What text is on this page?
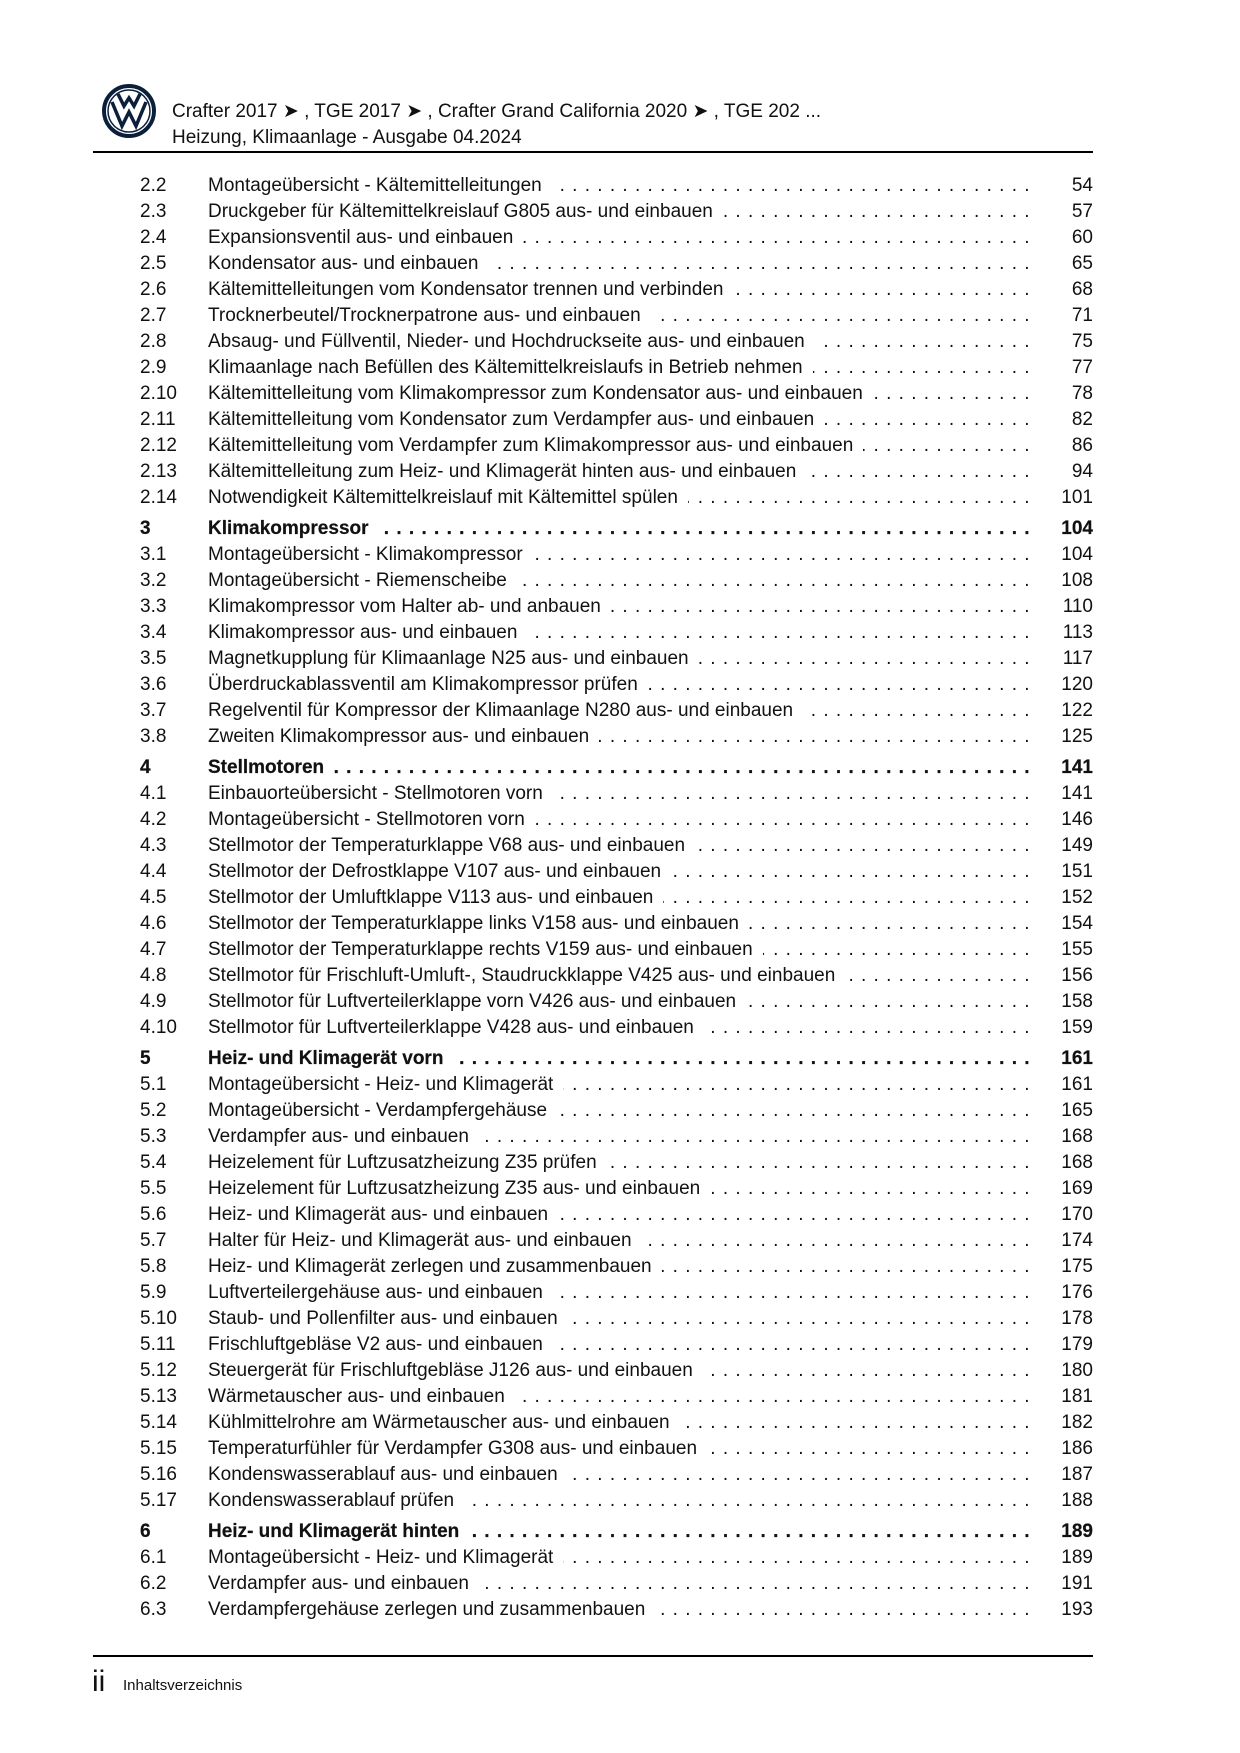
Crafter 2017 ➤ , TGE 2017 ➤ , Crafter Grand California 2020 ➤ , TGE 202 ...
Heizung, Klimaanlage - Ausgabe 04.2024
2.2 Montageübersicht - Kältemittelleitungen . . .	54
2.3 Druckgeber für Kältemittelkreislauf G805 aus- und einbauen . . .	57
2.4 Expansionsventil aus- und einbauen . . .	60
2.5 Kondensator aus- und einbauen . . .	65
2.6 Kältemittelleitungen vom Kondensator trennen und verbinden . . .	68
2.7 Trocknerbeutel/Trocknerpatrone aus- und einbauen . . .	71
2.8 Absaug- und Füllventil, Nieder- und Hochdruckseite aus- und einbauen . . .	75
2.9 Klimaanlage nach Befüllen des Kältemittelkreislaufs in Betrieb nehmen . . .	77
2.10 Kältemittelleitung vom Klimakompressor zum Kondensator aus- und einbauen . . .	78
2.11 Kältemittelleitung vom Kondensator zum Verdampfer aus- und einbauen . . .	82
2.12 Kältemittelleitung vom Verdampfer zum Klimakompressor aus- und einbauen . . .	86
2.13 Kältemittelleitung zum Heiz- und Klimagerät hinten aus- und einbauen . . .	94
2.14 Notwendigkeit Kältemittelkreislauf mit Kältemittel spülen . . .	101
3	Klimakompressor . . .	104
3.1 Montageübersicht - Klimakompressor . . .	104
3.2 Montageübersicht - Riemenscheibe . . .	108
3.3 Klimakompressor vom Halter ab- und anbauen . . .	110
3.4 Klimakompressor aus- und einbauen . . .	113
3.5 Magnetkupplung für Klimaanlage N25 aus- und einbauen . . .	117
3.6 Überdruckablassventil am Klimakompressor prüfen . . .	120
3.7 Regelventil für Kompressor der Klimaanlage N280 aus- und einbauen . . .	122
3.8 Zweiten Klimakompressor aus- und einbauen . . .	125
4	Stellmotoren . . .	141
4.1 Einbauorteübersicht - Stellmotoren vorn . . .	141
4.2 Montageübersicht - Stellmotoren vorn . . .	146
4.3 Stellmotor der Temperaturklappe V68 aus- und einbauen . . .	149
4.4 Stellmotor der Defrostklappe V107 aus- und einbauen . . .	151
4.5 Stellmotor der Umluftklappe V113 aus- und einbauen . . .	152
4.6 Stellmotor der Temperaturklappe links V158 aus- und einbauen . . .	154
4.7 Stellmotor der Temperaturklappe rechts V159 aus- und einbauen . . .	155
4.8 Stellmotor für Frischluft-Umluft-, Staudruckklappe V425 aus- und einbauen . . .	156
4.9 Stellmotor für Luftverteilerklappe vorn V426 aus- und einbauen . . .	158
4.10 Stellmotor für Luftverteilerklappe V428 aus- und einbauen . . .	159
5	Heiz- und Klimagerät vorn . . .	161
5.1 Montageübersicht - Heiz- und Klimagerät . . .	161
5.2 Montageübersicht - Verdampfergehäuse . . .	165
5.3 Verdampfer aus- und einbauen . . .	168
5.4 Heizelement für Luftzusatzheizung Z35 prüfen . . .	168
5.5 Heizelement für Luftzusatzheizung Z35 aus- und einbauen . . .	169
5.6 Heiz- und Klimagerät aus- und einbauen . . .	170
5.7 Halter für Heiz- und Klimagerät aus- und einbauen . . .	174
5.8 Heiz- und Klimagerät zerlegen und zusammenbauen . . .	175
5.9 Luftverteilergehäuse aus- und einbauen . . .	176
5.10 Staub- und Pollenfilter aus- und einbauen . . .	178
5.11 Frischluftgebläse V2 aus- und einbauen . . .	179
5.12 Steuergerät für Frischluftgebläse J126 aus- und einbauen . . .	180
5.13 Wärmetauscher aus- und einbauen . . .	181
5.14 Kühlmittelrohre am Wärmetauscher aus- und einbauen . . .	182
5.15 Temperaturfühler für Verdampfer G308 aus- und einbauen . . .	186
5.16 Kondenswasserablauf aus- und einbauen . . .	187
5.17 Kondenswasserablauf prüfen . . .	188
6	Heiz- und Klimagerät hinten . . .	189
6.1 Montageübersicht - Heiz- und Klimagerät . . .	189
6.2 Verdampfer aus- und einbauen . . .	191
6.3 Verdampfergehäuse zerlegen und zusammenbauen . . .	193
ii Inhaltsverzeichnis
